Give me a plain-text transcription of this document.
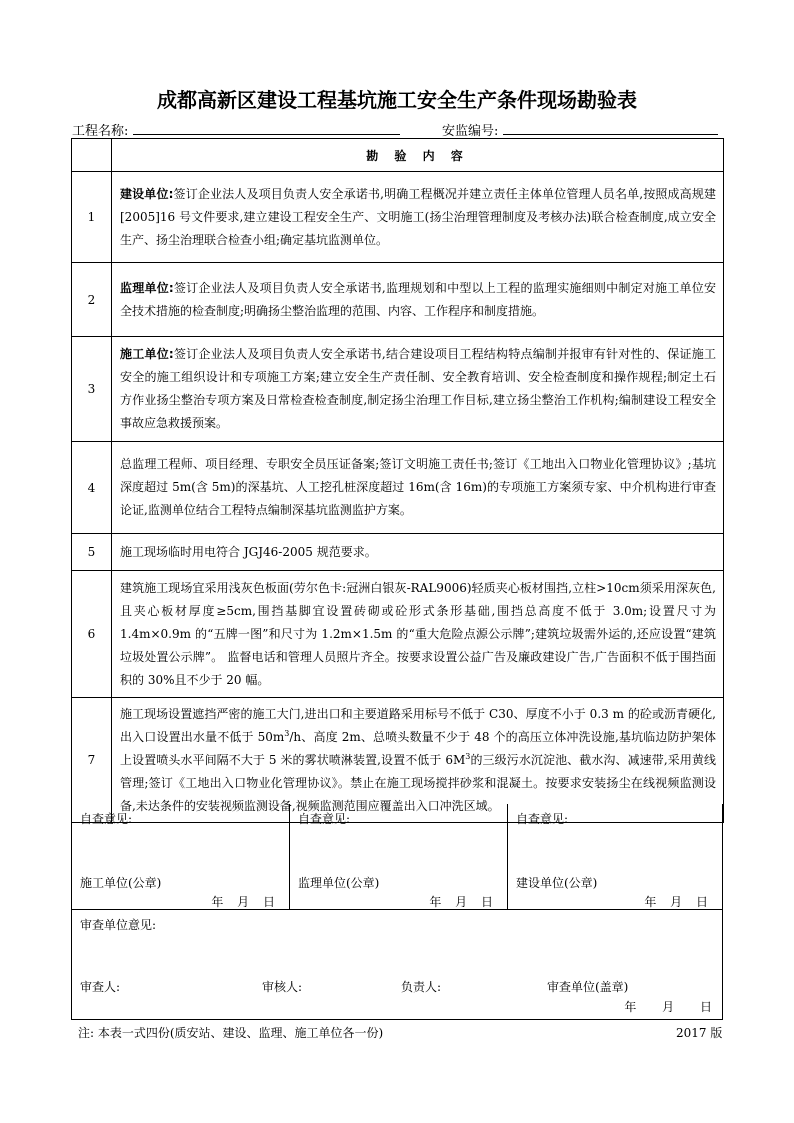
成都高新区建设工程基坑施工安全生产条件现场勘验表
工程名称:	安监编号:
	勘 验 内 容
1	建设单位:签订企业法人及项目负责人安全承诺书,明确工程概况并建立责任主体单位管理人员名单,按照成高规建[2005]16 号文件要求,建立建设工程安全生产、文明施工(扬尘治理管理制度及考核办法)联合检查制度,成立安全生产、扬尘治理联合检查小组;确定基坑监测单位。
2	监理单位:签订企业法人及项目负责人安全承诺书,监理规划和中型以上工程的监理实施细则中制定对施工单位安全技术措施的检查制度;明确扬尘整治监理的范围、内容、工作程序和制度措施。
3	施工单位:签订企业法人及项目负责人安全承诺书,结合建设项目工程结构特点编制并报审有针对性的、保证施工安全的施工组织设计和专项施工方案;建立安全生产责任制、安全教育培训、安全检查制度和操作规程;制定土石方作业扬尘整治专项方案及日常检查检查制度,制定扬尘治理工作目标,建立扬尘整治工作机构;编制建设工程安全事故应急救援预案。
4	总监理工程师、项目经理、专职安全员压证备案;签订文明施工责任书;签订《工地出入口物业化管理协议》;基坑深度超过 5m(含 5m)的深基坑、人工挖孔桩深度超过 16m(含 16m)的专项施工方案须专家、中介机构进行审查论证,监测单位结合工程特点编制深基坑监测监护方案。
5	施工现场临时用电符合 JGJ46-2005 规范要求。
6	建筑施工现场宜采用浅灰色板面(劳尔色卡:冠洲白银灰-RAL9006)轻质夹心板材围挡,立柱>10cm须采用深灰色,且夹心板材厚度≥5cm,围挡基脚宜设置砖砌或砼形式条形基础,围挡总高度不低于 3.0m;设置尺寸为 1.4m×0.9m 的“五牌一图”和尺寸为 1.2m×1.5m 的“重大危险点源公示牌”;建筑垃圾需外运的,还应设置“建筑垃圾处置公示牌”。 监督电话和管理人员照片齐全。按要求设置公益广告及廉政建设广告,广告面积不低于围挡面积的 30%且不少于 20 幅。
7	施工现场设置遮挡严密的施工大门,进出口和主要道路采用标号不低于 C30、厚度不小于 0.3 m 的砼或沥青硬化,出入口设置出水量不低于 $50m^3/h$、高度 2m、总喷头数量不少于 48 个的高压立体冲洗设施,基坑临边防护架体上设置喷头水平间隔不大于 5 米的雾状喷淋装置,设置不低于 $6M^3$的三级污水沉淀池、截水沟、减速带,采用黄线管理;签订《工地出入口物业化管理协议》。禁止在施工现场搅拌砂浆和混凝土。按要求安装扬尘在线视频监测设备,未达条件的安装视频监测设备,视频监测范围应覆盖出入口冲洗区域。
自查意见:
施工单位(公章)
年 月 日
自查意见:
监理单位(公章)
年 月 日
自查意见:
建设单位(公章)
年 月 日
审查单位意见:
审查人:	审核人:	负责人:	审查单位(盖章)
年 月 日
注: 本表一式四份(质安站、建设、监理、施工单位各一份)	2017 版
